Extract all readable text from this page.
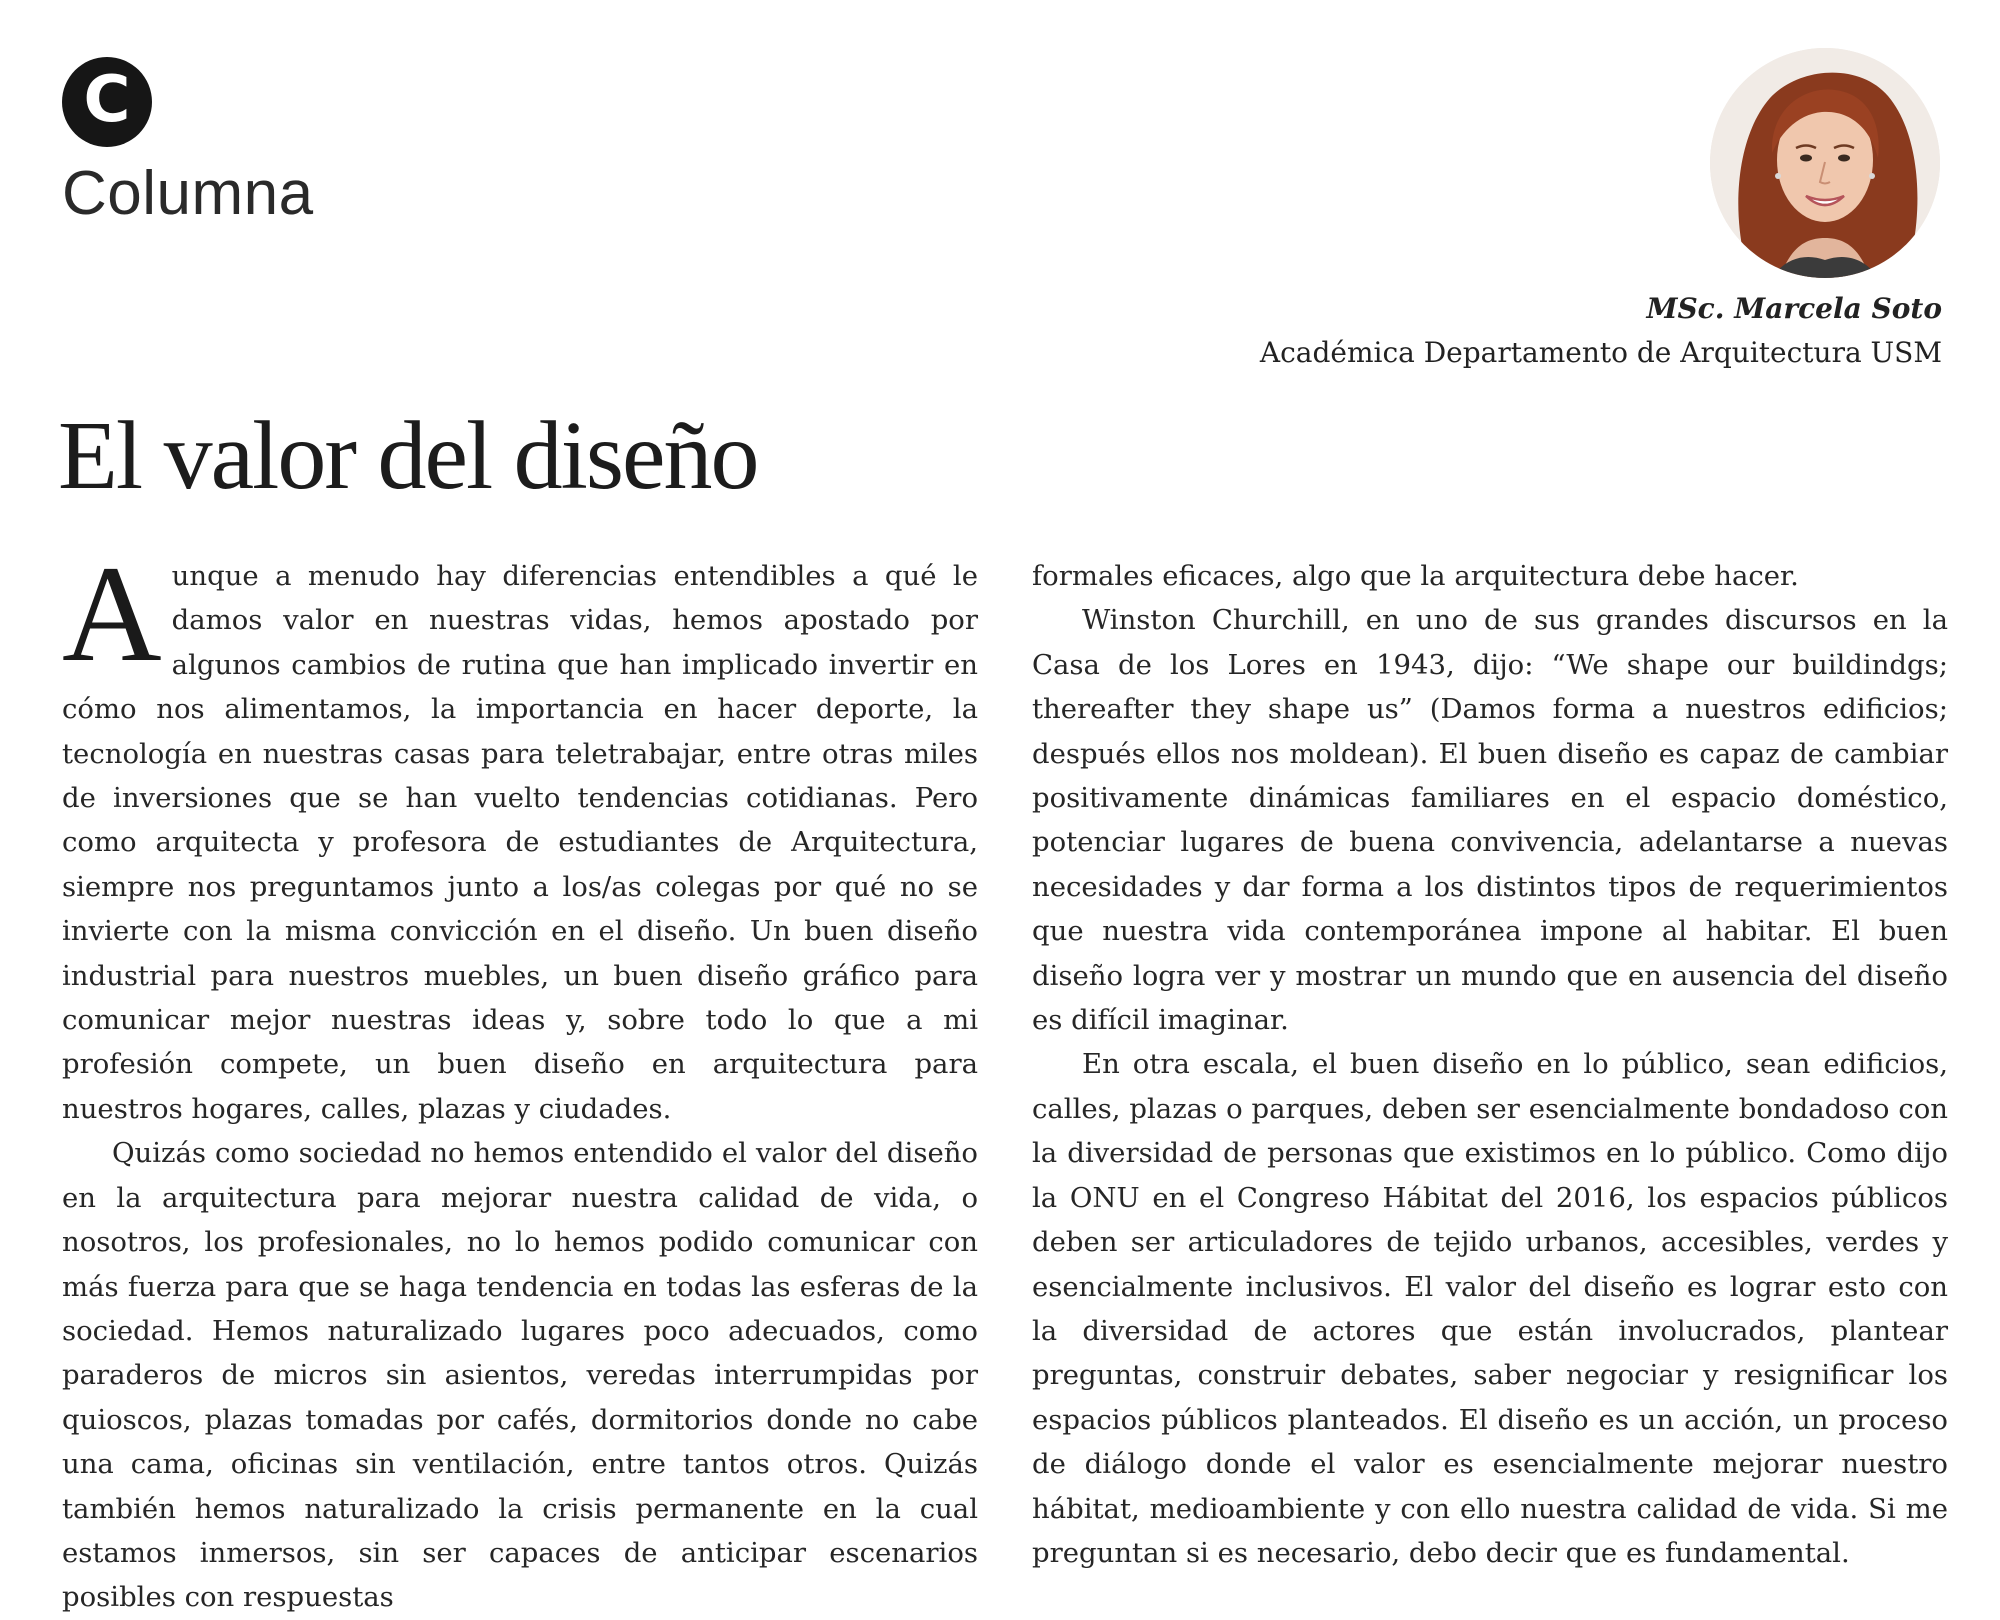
C
Columna
MSc. Marcela Soto
Académica Departamento de Arquitectura USM
El valor del diseño

Aunque a menudo hay diferencias entendibles a qué le damos valor en nuestras vidas, hemos apostado por algunos cambios de rutina que han implicado invertir en cómo nos alimentamos, la importancia en hacer deporte, la tecnología en nuestras casas para teletrabajar, entre otras miles de inversiones que se han vuelto tendencias cotidianas. Pero como arquitecta y profesora de estudiantes de Arquitectura, siempre nos preguntamos junto a los/as colegas por qué no se invierte con la misma convicción en el diseño. Un buen diseño industrial para nuestros muebles, un buen diseño gráfico para comunicar mejor nuestras ideas y, sobre todo lo que a mi profesión compete, un buen diseño en arquitectura para nuestros hogares, calles, plazas y ciudades.

Quizás como sociedad no hemos entendido el valor del diseño en la arquitectura para mejorar nuestra calidad de vida, o nosotros, los profesionales, no lo hemos podido comunicar con más fuerza para que se haga tendencia en todas las esferas de la sociedad. Hemos naturalizado lugares poco adecuados, como paraderos de micros sin asientos, veredas interrumpidas por quioscos, plazas tomadas por cafés, dormitorios donde no cabe una cama, oficinas sin ventilación, entre tantos otros. Quizás también hemos naturalizado la crisis permanente en la cual estamos inmersos, sin ser capaces de anticipar escenarios posibles con respuestas

formales eficaces, algo que la arquitectura debe hacer.

Winston Churchill, en uno de sus grandes discursos en la Casa de los Lores en 1943, dijo: “We shape our buildindgs; thereafter they shape us” (Damos forma a nuestros edificios; después ellos nos moldean). El buen diseño es capaz de cambiar positivamente dinámicas familiares en el espacio doméstico, potenciar lugares de buena convivencia, adelantarse a nuevas necesidades y dar forma a los distintos tipos de requerimientos que nuestra vida contemporánea impone al habitar. El buen diseño logra ver y mostrar un mundo que en ausencia del diseño es difícil imaginar.

En otra escala, el buen diseño en lo público, sean edificios, calles, plazas o parques, deben ser esencialmente bondadoso con la diversidad de personas que existimos en lo público. Como dijo la ONU en el Congreso Hábitat del 2016, los espacios públicos deben ser articuladores de tejido urbanos, accesibles, verdes y esencialmente inclusivos. El valor del diseño es lograr esto con la diversidad de actores que están involucrados, plantear preguntas, construir debates, saber negociar y resignificar los espacios públicos planteados. El diseño es un acción, un proceso de diálogo donde el valor es esencialmente mejorar nuestro hábitat, medioambiente y con ello nuestra calidad de vida. Si me preguntan si es necesario, debo decir que es fundamental.
